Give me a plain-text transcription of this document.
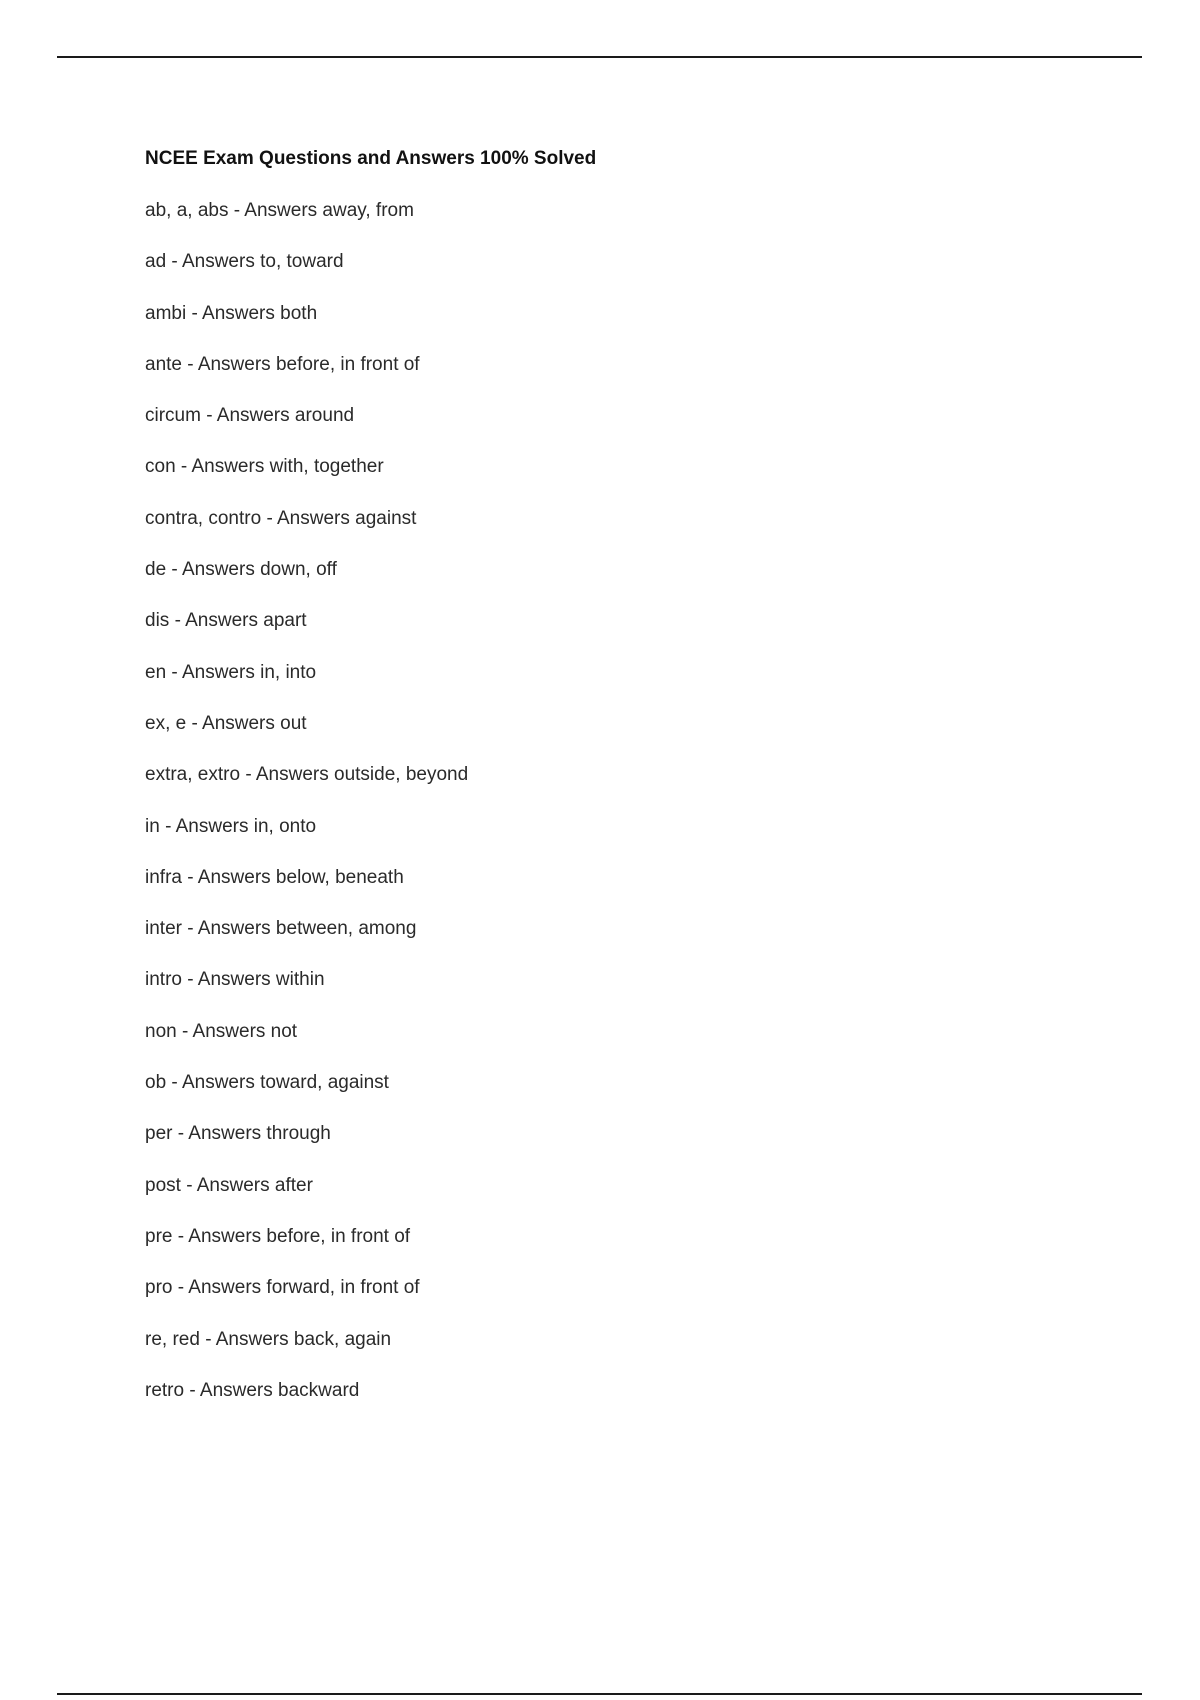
NCEE Exam Questions and Answers 100% Solved
ab, a, abs - Answers away, from
ad - Answers to, toward
ambi - Answers both
ante - Answers before, in front of
circum - Answers around
con - Answers with, together
contra, contro - Answers against
de - Answers down, off
dis - Answers apart
en - Answers in, into
ex, e - Answers out
extra, extro - Answers outside, beyond
in - Answers in, onto
infra - Answers below, beneath
inter - Answers between, among
intro - Answers within
non - Answers not
ob - Answers toward, against
per - Answers through
post - Answers after
pre - Answers before, in front of
pro - Answers forward, in front of
re, red - Answers back, again
retro - Answers backward
